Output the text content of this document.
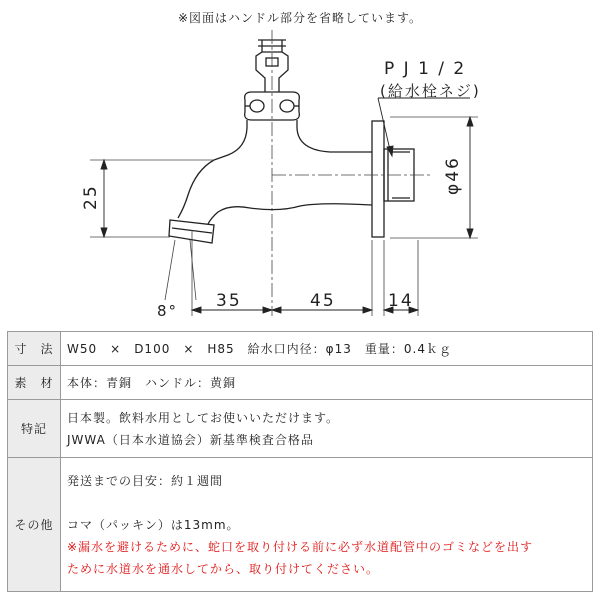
※図面はハンドル部分を省略しています。
P J 1 / 2
(給水栓ネジ)
φ46
25
8° 35	45	14
寸　法	W50　×　D100　×　H85　給水口内径：φ13　重量：0.4ｋｇ

素　材	本体：青銅　ハンドル：黄銅

特記	日本製。飲料水用としてお使いいただけます。
JWWA（日本水道協会）新基準検査合格品

その他	発送までの目安：約１週間
コマ（パッキン）は13mm。
※漏水を避けるために、蛇口を取り付ける前に必ず水道配管中のゴミなどを出す
ために水道水を通水してから、取り付けてください。
